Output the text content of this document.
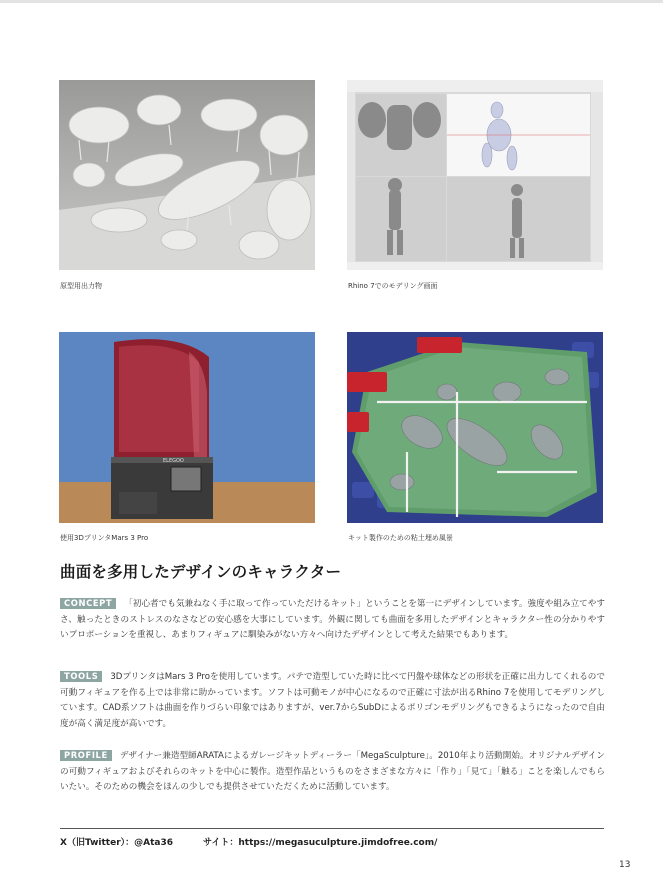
原型用出力物	Rhino 7でのモデリング画面
ELEGOO
使用3DプリンタMars 3 Pro	キット製作のための粘土埋め風景
曲面を多用したデザインのキャラクター
CONCEPT 「初心者でも気兼ねなく手に取って作っていただけるキット」ということを第一にデザインしています。強度や組み立てやすさ、触ったときのストレスのなさなどの安心感を大事にしています。外観に関しても曲面を多用したデザインとキャラクター性の分かりやすいプロポーションを重視し、あまりフィギュアに馴染みがない方々へ向けたデザインとして考えた結果でもあります。
TOOLS 3DプリンタはMars 3 Proを使用しています。パテで造型していた時に比べて円盤や球体などの形状を正確に出力してくれるので可動フィギュアを作る上では非常に助かっています。ソフトは可動モノが中心になるので正確に寸法が出るRhino 7を使用してモデリングしています。CAD系ソフトは曲面を作りづらい印象ではありますが、ver.7からSubDによるポリゴンモデリングもできるようになったので自由度が高く満足度が高いです。
PROFILE デザイナー兼造型師ARATAによるガレージキットディーラー「MegaSculpture」。2010年より活動開始。オリジナルデザインの可動フィギュアおよびそれらのキットを中心に製作。造型作品というものをさまざまな方々に「作り」「見て」「触る」ことを楽しんでもらいたい。そのための機会をほんの少しでも提供させていただくために活動しています。
X（旧Twitter）：@Ata36	サイト：https://megasuculpture.jimdofree.com/
13
